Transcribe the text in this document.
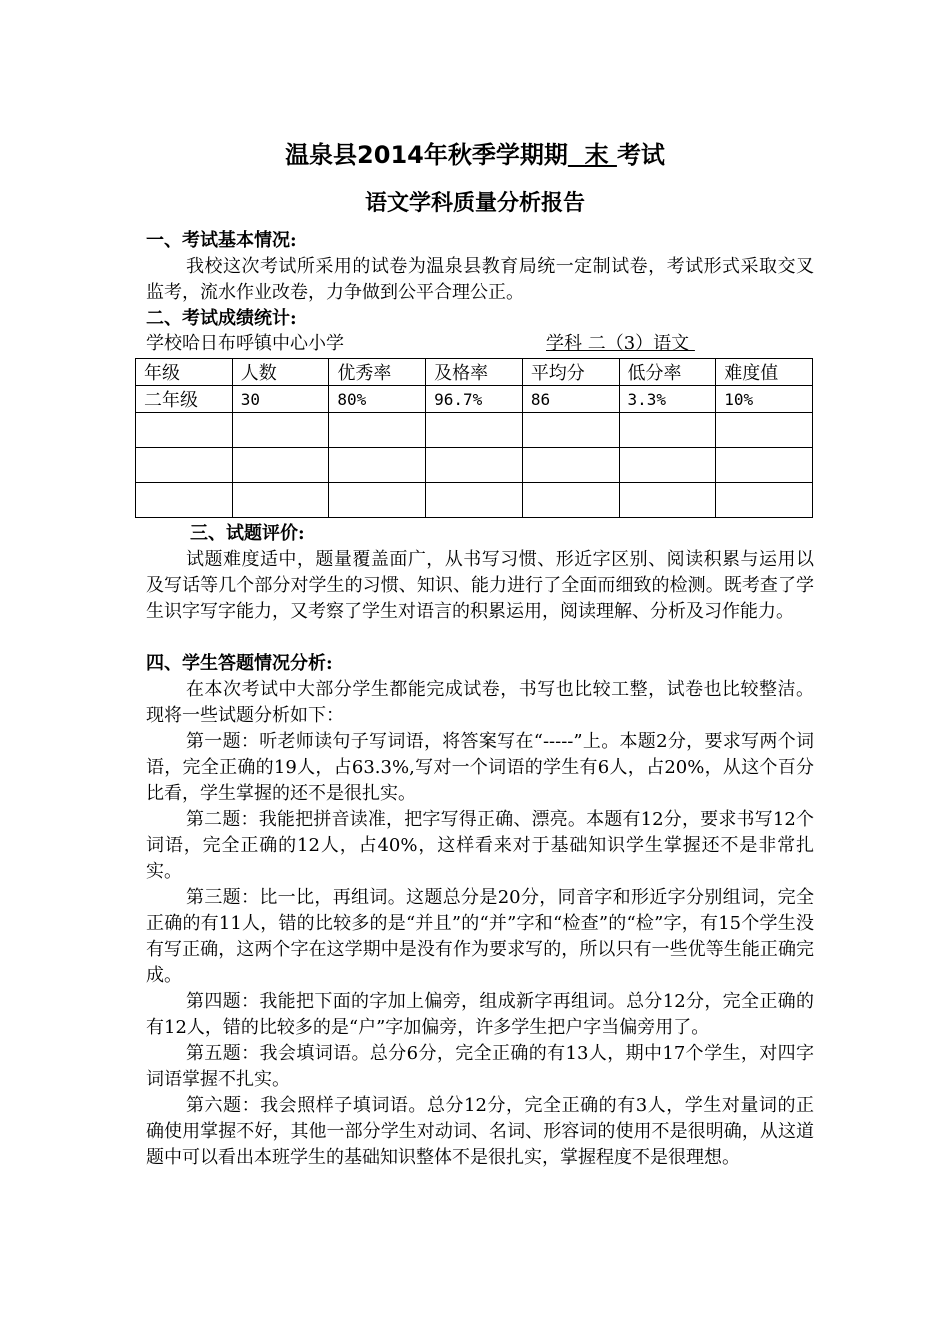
温泉县2014年秋季学期期  末 考试
语文学科质量分析报告
一、考试基本情况:

我校这次考试所采用的试卷为温泉县教育局统一定制试卷，考试形式采取交叉监考，流水作业改卷，力争做到公平合理公正。

二、考试成绩统计:
学校哈日布呼镇中心小学	学科 二（3）语文
年级	人数	优秀率	及格率	平均分	低分率	难度值
二年级	30	80%	96.7%	86	3.3%	10%

三、试题评价:

试题难度适中，题量覆盖面广，从书写习惯、形近字区别、阅读积累与运用以及写话等几个部分对学生的习惯、知识、能力进行了全面而细致的检测。既考查了学生识字写字能力，又考察了学生对语言的积累运用，阅读理解、分析及习作能力。

四、学生答题情况分析:

在本次考试中大部分学生都能完成试卷，书写也比较工整，试卷也比较整洁。现将一些试题分析如下：

第一题：听老师读句子写词语，将答案写在“-----”上。本题2分，要求写两个词语，完全正确的19人，占63.3%,写对一个词语的学生有6人，占20%，从这个百分比看，学生掌握的还不是很扎实。

第二题：我能把拼音读准，把字写得正确、漂亮。本题有12分，要求书写12个词语，完全正确的12人，占40%，这样看来对于基础知识学生掌握还不是非常扎实。

第三题：比一比，再组词。这题总分是20分，同音字和形近字分别组词，完全正确的有11人，错的比较多的是“并且”的“并”字和“检查”的“检”字，有15个学生没有写正确，这两个字在这学期中是没有作为要求写的，所以只有一些优等生能正确完成。

第四题：我能把下面的字加上偏旁，组成新字再组词。总分12分，完全正确的有12人，错的比较多的是“户”字加偏旁，许多学生把户字当偏旁用了。

第五题：我会填词语。总分6分，完全正确的有13人，期中17个学生，对四字词语掌握不扎实。

第六题：我会照样子填词语。总分12分，完全正确的有3人，学生对量词的正确使用掌握不好，其他一部分学生对动词、名词、形容词的使用不是很明确，从这道题中可以看出本班学生的基础知识整体不是很扎实，掌握程度不是很理想。
